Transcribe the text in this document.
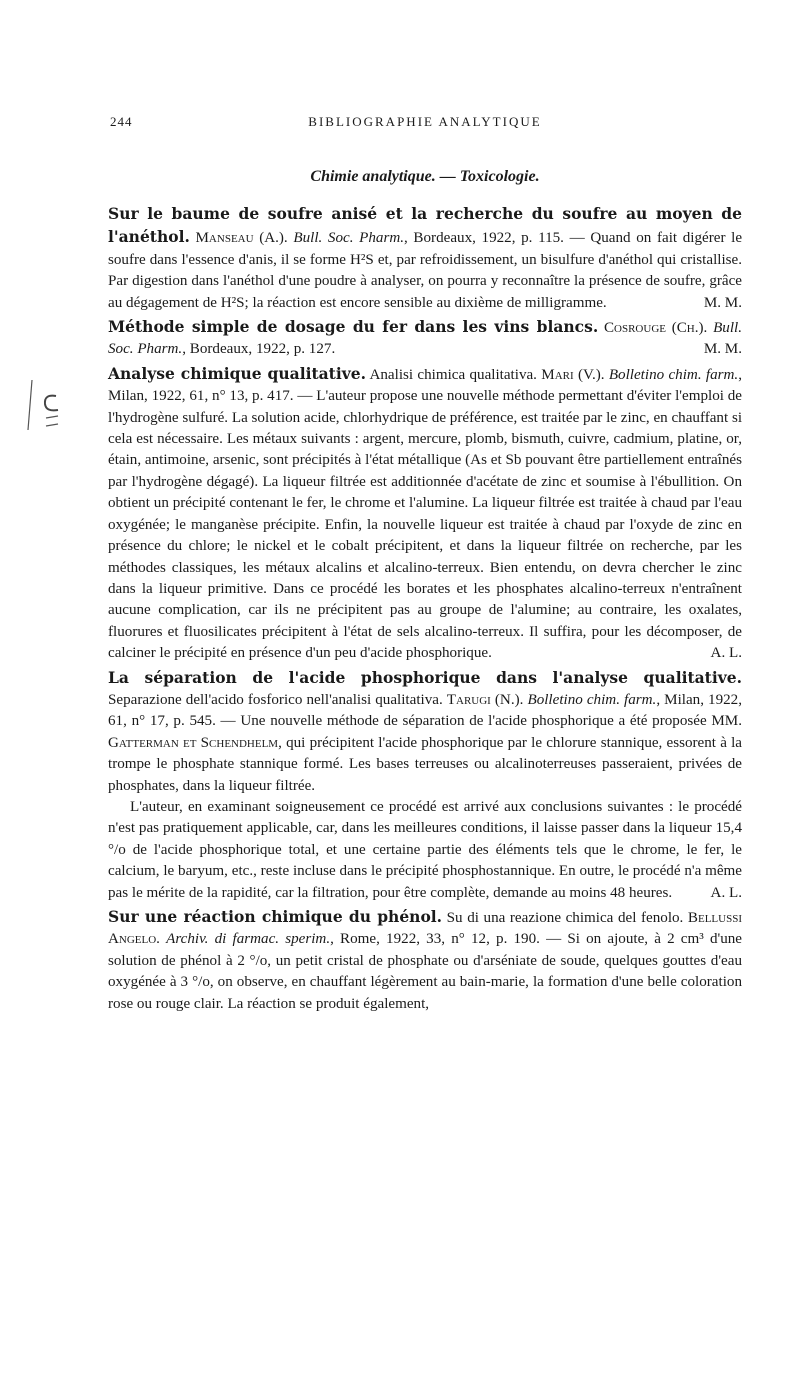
244	BIBLIOGRAPHIE ANALYTIQUE
Chimie analytique. — Toxicologie.
Sur le baume de soufre anisé et la recherche du soufre au moyen de l'anéthol. Manseau (A.). Bull. Soc. Pharm., Bordeaux, 1922, p. 115. — Quand on fait digérer le soufre dans l'essence d'anis, il se forme H²S et, par refroidissement, un bisulfure d'anéthol qui cristallise. Par digestion dans l'anéthol d'une poudre à analyser, on pourra y reconnaître la présence de soufre, grâce au dégagement de H²S; la réaction est encore sensible au dixième de milligramme.	M. M.
Méthode simple de dosage du fer dans les vins blancs. Cosrouge (Ch.). Bull. Soc. Pharm., Bordeaux, 1922, p. 127.	M. M.
Analyse chimique qualitative. Analisi chimica qualitativa. Mari (V.). Bolletino chim. farm., Milan, 1922, 61, n° 13, p. 417. — L'auteur propose une nouvelle méthode permettant d'éviter l'emploi de l'hydrogène sulfuré. La solution acide, chlorhydrique de préférence, est traitée par le zinc, en chauffant si cela est nécessaire. Les métaux suivants : argent, mercure, plomb, bismuth, cuivre, cadmium, platine, or, étain, antimoine, arsenic, sont précipités à l'état métallique (As et Sb pouvant être partiellement entraînés par l'hydrogène dégagé). La liqueur filtrée est additionnée d'acétate de zinc et soumise à l'ébullition. On obtient un précipité contenant le fer, le chrome et l'alumine. La liqueur filtrée est traitée à chaud par l'eau oxygénée; le manganèse précipite. Enfin, la nouvelle liqueur est traitée à chaud par l'oxyde de zinc en présence du chlore; le nickel et le cobalt précipitent, et dans la liqueur filtrée on recherche, par les méthodes classiques, les métaux alcalins et alcalino-terreux. Bien entendu, on devra chercher le zinc dans la liqueur primitive. Dans ce procédé les borates et les phosphates alcalino-terreux n'entraînent aucune complication, car ils ne précipitent pas au groupe de l'alumine; au contraire, les oxalates, fluorures et fluosilicates précipitent à l'état de sels alcalino-terreux. Il suffira, pour les décomposer, de calciner le précipité en présence d'un peu d'acide phosphorique.	A. L.
La séparation de l'acide phosphorique dans l'analyse qualitative. Separazione dell'acido fosforico nell'analisi qualitativa. Tarugi (N.). Bolletino chim. farm., Milan, 1922, 61, n° 17, p. 545. — Une nouvelle méthode de séparation de l'acide phosphorique a été proposée MM. Gatterman et Schendhelm, qui précipitent l'acide phosphorique par le chlorure stannique, essorent à la trompe le phosphate stannique formé. Les bases terreuses ou alcalinoterreuses passeraient, privées de phosphates, dans la liqueur filtrée.
L'auteur, en examinant soigneusement ce procédé est arrivé aux conclusions suivantes : le procédé n'est pas pratiquement applicable, car, dans les meilleures conditions, il laisse passer dans la liqueur 15,4 °/o de l'acide phosphorique total, et une certaine partie des éléments tels que le chrome, le fer, le calcium, le baryum, etc., reste incluse dans le précipité phosphostannique. En outre, le procédé n'a même pas le mérite de la rapidité, car la filtration, pour être complète, demande au moins 48 heures.	A. L.
Sur une réaction chimique du phénol. Su di una reazione chimica del fenolo. Bellussi Angelo. Archiv. di farmac. sperim., Rome, 1922, 33, n° 12, p. 190. — Si on ajoute, à 2 cm³ d'une solution de phénol à 2 °/o, un petit cristal de phosphate ou d'arséniate de soude, quelques gouttes d'eau oxygénée à 3 °/o, on observe, en chauffant légèrement au bain-marie, la formation d'une belle coloration rose ou rouge clair. La réaction se produit également,
